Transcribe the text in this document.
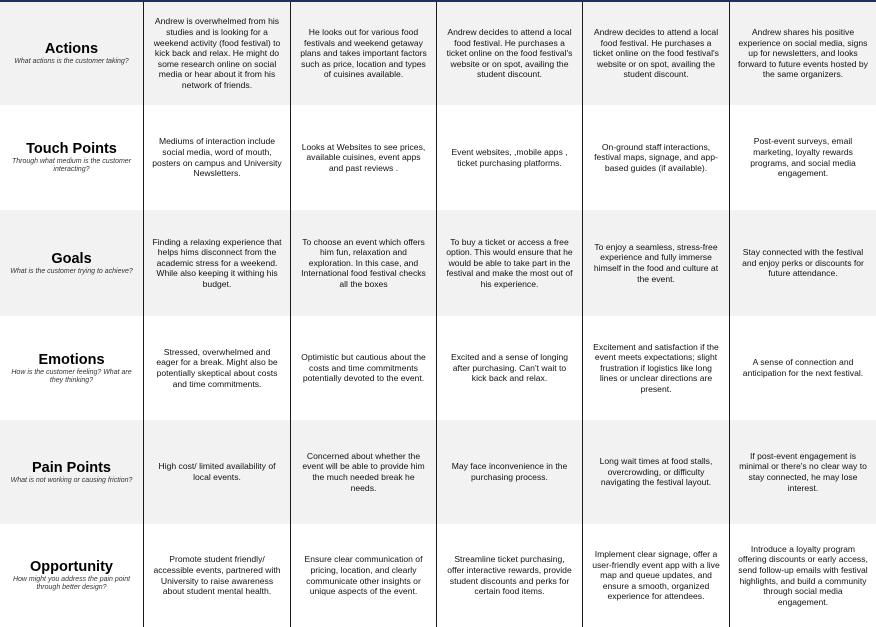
Actions
What actions is the customer taking?
Andrew is overwhelmed from his studies and is looking for a weekend activity (food festival) to kick back and relax. He might do some research online on social media or hear about it from his network of friends.
He looks out for various food festivals and weekend getaway plans and takes important factors such as price, location and types of cuisines available.
Andrew decides to attend a local food festival. He purchases a ticket online on the food festival's website or on spot, availing the student discount.
Andrew decides to attend a local food festival. He purchases a ticket online on the food festival's website or on spot, availing the student discount.
Andrew shares his positive experience on social media, signs up for newsletters, and looks forward to future events hosted by the same organizers.
Touch Points
Through what medium is the customer interacting?
Mediums of interaction include social media, word of mouth, posters on campus and University Newsletters.
Looks at Websites to see prices, available cuisines, event apps and past reviews .
Event websites, ,mobile apps , ticket purchasing platforms.
On-ground staff interactions, festival maps, signage, and app-based guides (if available).
Post-event surveys, email marketing, loyalty rewards programs, and social media engagement.
Goals
What is the customer trying to achieve?
Finding a relaxing experience that helps hims disconnect from the academic stress for a weekend. While also keeping it withing his budget.
To choose an event which offers him fun, relaxation and exploration. In this case, and International food festival checks all the boxes
To buy a ticket or access a free option. This would ensure that he would be able to take part in the festival and make the most out of his experience.
To enjoy a seamless, stress-free experience and fully immerse himself in the food and culture at the event.
Stay connected with the festival and enjoy perks or discounts for future attendance.
Emotions
How is the customer feeling? What are they thinking?
Stressed, overwhelmed and eager for a break. Might also be potentially skeptical about costs and time commitments.
Optimistic but cautious about the costs and time commitments potentially devoted to the event.
Excited and a sense of longing after purchasing. Can't wait to kick back and relax.
Excitement and satisfaction if the event meets expectations; slight frustration if logistics like long lines or unclear directions are present.
A sense of connection and anticipation for the next festival.
Pain Points
What is not working or causing friction?
High cost/ limited availability of local events.
Concerned about whether the event will be able to provide him the much needed break he needs.
May face inconvenience in the purchasing process.
Long wait times at food stalls, overcrowding, or difficulty navigating the festival layout.
If post-event engagement is minimal or there's no clear way to stay connected, he may lose interest.
Opportunity
How might you address the pain point through better design?
Promote student friendly/ accessible events, partnered with University to raise awareness about student mental health.
Ensure clear communication of pricing, location, and clearly communicate other insights or unique aspects of the event.
Streamline ticket purchasing, offer interactive rewards, provide student discounts and perks for certain food items.
Implement clear signage, offer a user-friendly event app with a live map and queue updates, and ensure a smooth, organized experience for attendees.
Introduce a loyalty program offering discounts or early access, send follow-up emails with festival highlights, and build a community through social media engagement.
